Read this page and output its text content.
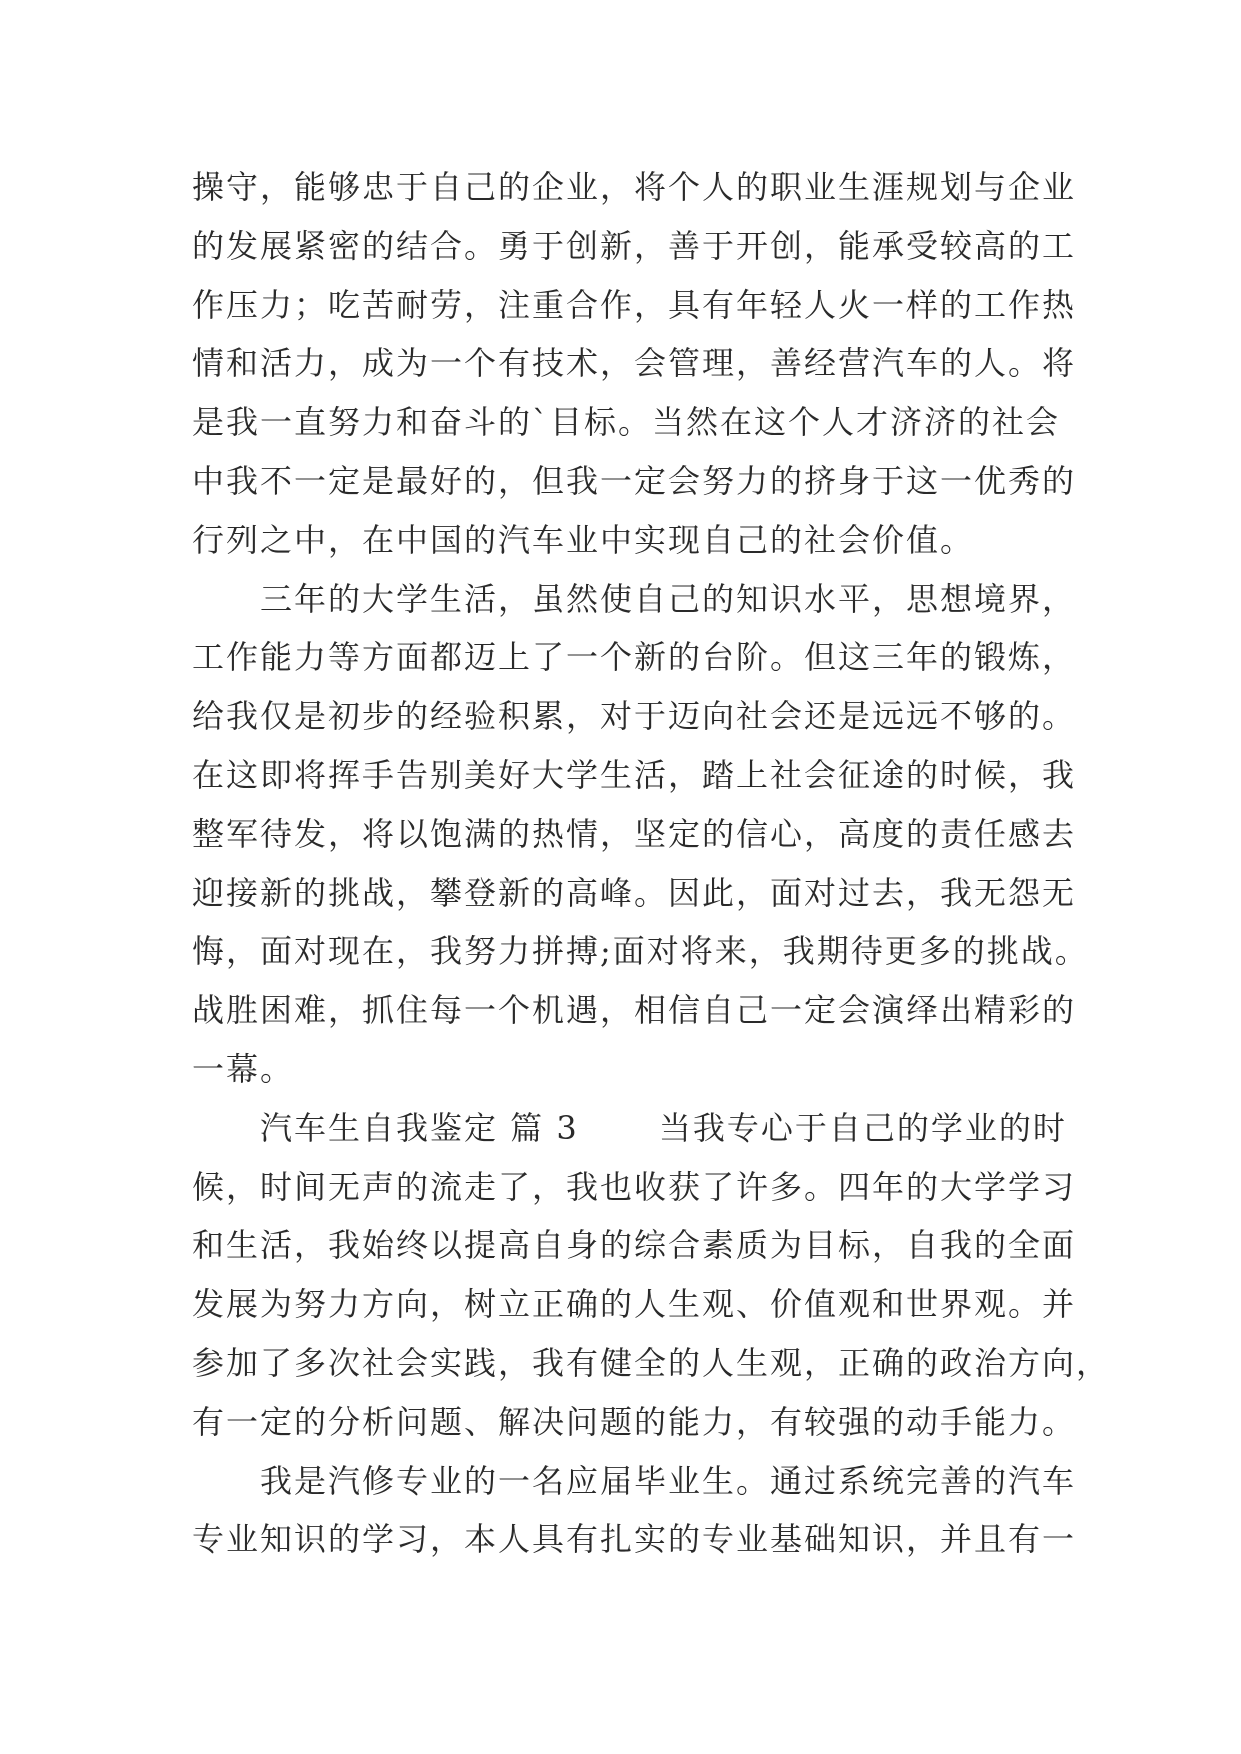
操守，能够忠于自己的企业，将个人的职业生涯规划与企业
的发展紧密的结合。勇于创新，善于开创，能承受较高的工
作压力；吃苦耐劳，注重合作，具有年轻人火一样的工作热
情和活力，成为一个有技术，会管理，善经营汽车的人。将
是我一直努力和奋斗的`目标。当然在这个人才济济的社会
中我不一定是最好的，但我一定会努力的挤身于这一优秀的
行列之中，在中国的汽车业中实现自己的社会价值。
　　三年的大学生活，虽然使自己的知识水平，思想境界，
工作能力等方面都迈上了一个新的台阶。但这三年的锻炼，
给我仅是初步的经验积累，对于迈向社会还是远远不够的。
在这即将挥手告别美好大学生活，踏上社会征途的时候，我
整军待发，将以饱满的热情，坚定的信心，高度的责任感去
迎接新的挑战，攀登新的高峰。因此，面对过去，我无怨无
悔，面对现在，我努力拼搏;面对将来，我期待更多的挑战。
战胜困难，抓住每一个机遇，相信自己一定会演绎出精彩的
一幕。
　　汽车生自我鉴定 篇 3　　 当我专心于自己的学业的时
候，时间无声的流走了，我也收获了许多。四年的大学学习
和生活，我始终以提高自身的综合素质为目标，自我的全面
发展为努力方向，树立正确的人生观、价值观和世界观。并
参加了多次社会实践，我有健全的人生观，正确的政治方向，
有一定的分析问题、解决问题的能力，有较强的动手能力。
　　我是汽修专业的一名应届毕业生。通过系统完善的汽车
专业知识的学习，本人具有扎实的专业基础知识，并且有一
